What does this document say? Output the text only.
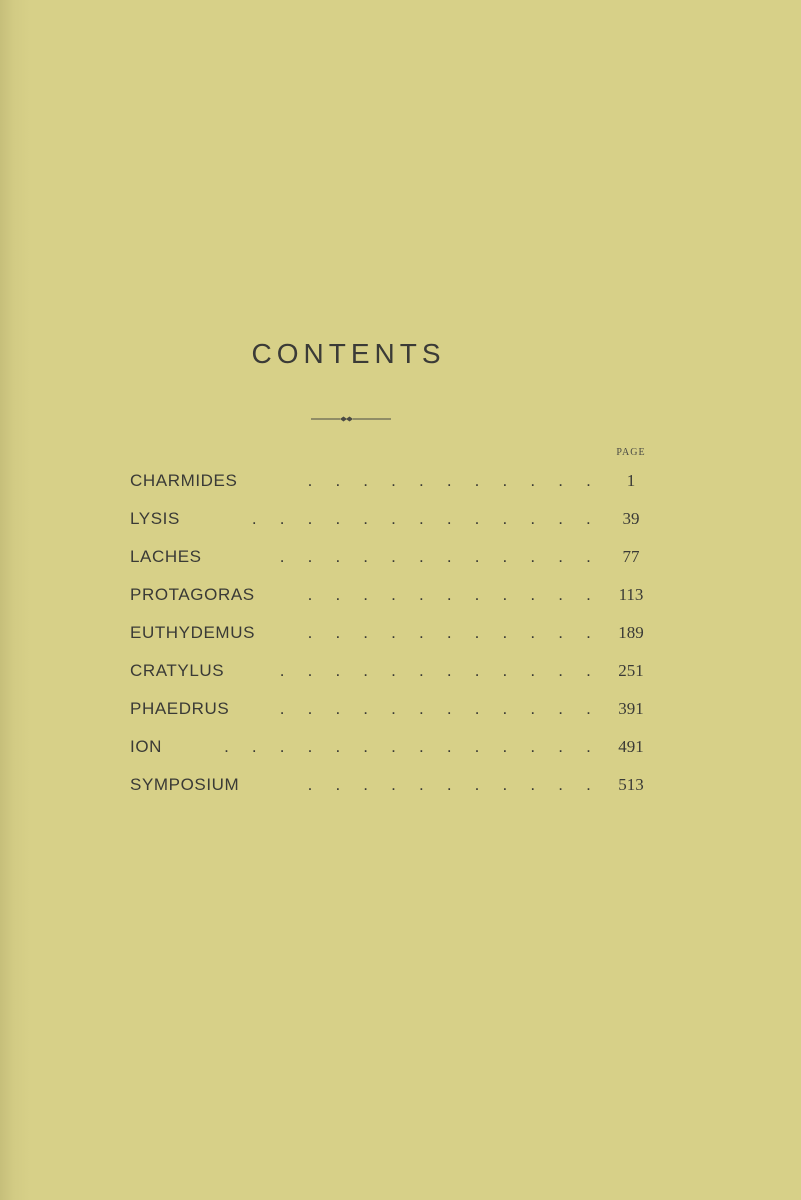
CONTENTS
PAGE
. . . . . . . . . . .
CHARMIDES	1
. . . . . . . . . . . . .
LYSIS	39
. . . . . . . . . . . .
LACHES	77
. . . . . . . . . . .
PROTAGORAS	113
. . . . . . . . . . .
EUTHYDEMUS	189
. . . . . . . . . . . .
CRATYLUS	251
. . . . . . . . . . . .
PHAEDRUS	391
. . . . . . . . . . . . . .
ION	491
. . . . . . . . . . .
SYMPOSIUM	513
